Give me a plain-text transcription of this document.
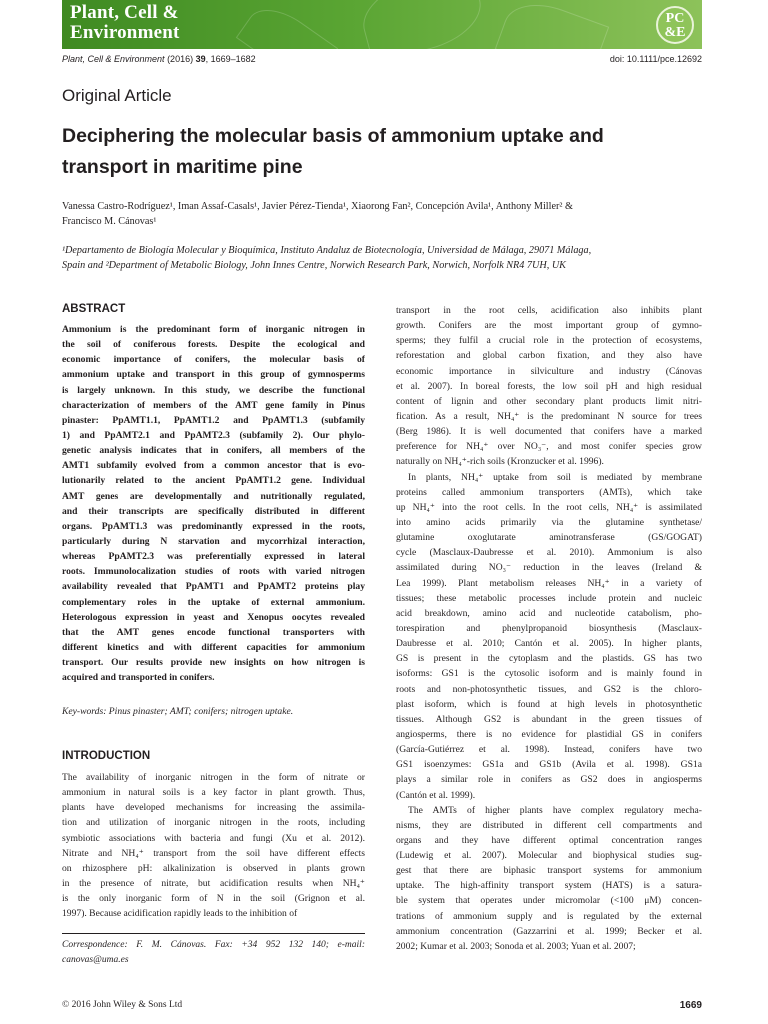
Plant, Cell &
Environment
PC
&E
Plant, Cell & Environment (2016) 39, 1669–1682	doi: 10.1111/pce.12692
Original Article
Deciphering the molecular basis of ammonium uptake and
transport in maritime pine
Vanessa Castro-Rodríguez¹, Iman Assaf-Casals¹, Javier Pérez-Tienda¹, Xiaorong Fan², Concepción Avila¹, Anthony Miller² &
Francisco M. Cánovas¹
¹Departamento de Biología Molecular y Bioquímica, Instituto Andaluz de Biotecnología, Universidad de Málaga, 29071 Málaga,
Spain and ²Department of Metabolic Biology, John Innes Centre, Norwich Research Park, Norwich, Norfolk NR4 7UH, UK
ABSTRACT
Ammonium is the predominant form of inorganic nitrogen in
the soil of coniferous forests. Despite the ecological and
economic importance of conifers, the molecular basis of
ammonium uptake and transport in this group of gymnosperms
is largely unknown. In this study, we describe the functional
characterization of members of the AMT gene family in Pinus
pinaster: PpAMT1.1, PpAMT1.2 and PpAMT1.3 (subfamily
1) and PpAMT2.1 and PpAMT2.3 (subfamily 2). Our phylo-
genetic analysis indicates that in conifers, all members of the
AMT1 subfamily evolved from a common ancestor that is evo-
lutionarily related to the ancient PpAMT1.2 gene. Individual
AMT genes are developmentally and nutritionally regulated,
and their transcripts are specifically distributed in different
organs. PpAMT1.3 was predominantly expressed in the roots,
particularly during N starvation and mycorrhizal interaction,
whereas PpAMT2.3 was preferentially expressed in lateral
roots. Immunolocalization studies of roots with varied nitrogen
availability revealed that PpAMT1 and PpAMT2 proteins play
complementary roles in the uptake of external ammonium.
Heterologous expression in yeast and Xenopus oocytes revealed
that the AMT genes encode functional transporters with
different kinetics and with different capacities for ammonium
transport. Our results provide new insights on how nitrogen is
acquired and transported in conifers.
Key-words: Pinus pinaster; AMT; conifers; nitrogen uptake.
INTRODUCTION
The availability of inorganic nitrogen in the form of nitrate or
ammonium in natural soils is a key factor in plant growth. Thus,
plants have developed mechanisms for increasing the assimila-
tion and utilization of inorganic nitrogen in the roots, including
symbiotic associations with bacteria and fungi (Xu et al. 2012).
Nitrate and NH₄⁺ transport from the soil have different effects
on rhizosphere pH: alkalinization is observed in plants grown
in the presence of nitrate, but acidification results when NH₄⁺
is the only inorganic form of N in the soil (Grignon et al.
1997). Because acidification rapidly leads to the inhibition of
Correspondence: F. M. Cánovas. Fax: +34 952 132 140; e-mail:
canovas@uma.es
transport in the root cells, acidification also inhibits plant
growth. Conifers are the most important group of gymno-
sperms; they fulfil a crucial role in the protection of ecosystems,
reforestation and global carbon fixation, and they also have
economic importance in silviculture and industry (Cánovas
et al. 2007). In boreal forests, the low soil pH and high residual
content of lignin and other secondary plant products limit nitri-
fication. As a result, NH₄⁺ is the predominant N source for trees
(Berg 1986). It is well documented that conifers have a marked
preference for NH₄⁺ over NO₃⁻, and most conifer species grow
naturally on NH₄⁺-rich soils (Kronzucker et al. 1996).
In plants, NH₄⁺ uptake from soil is mediated by membrane
proteins called ammonium transporters (AMTs), which take
up NH₄⁺ into the root cells. In the root cells, NH₄⁺ is assimilated
into amino acids primarily via the glutamine synthetase/
glutamine oxoglutarate aminotransferase (GS/GOGAT)
cycle (Masclaux-Daubresse et al. 2010). Ammonium is also
assimilated during NO₃⁻ reduction in the leaves (Ireland &
Lea 1999). Plant metabolism releases NH₄⁺ in a variety of
tissues; these metabolic processes include protein and nucleic
acid breakdown, amino acid and nucleotide catabolism, pho-
torespiration and phenylpropanoid biosynthesis (Masclaux-
Daubresse et al. 2010; Cantón et al. 2005). In higher plants,
GS is present in the cytoplasm and the plastids. GS has two
isoforms: GS1 is the cytosolic isoform and is mainly found in
roots and non-photosynthetic tissues, and GS2 is the chloro-
plast isoform, which is found at high levels in photosynthetic
tissues. Although GS2 is abundant in the green tissues of
angiosperms, there is no evidence for plastidial GS in conifers
(García-Gutiérrez et al. 1998). Instead, conifers have two
GS1 isoenzymes: GS1a and GS1b (Avila et al. 1998). GS1a
plays a similar role in conifers as GS2 does in angiosperms
(Cantón et al. 1999).
The AMTs of higher plants have complex regulatory mecha-
nisms, they are distributed in different cell compartments and
organs and they have different optimal concentration ranges
(Ludewig et al. 2007). Molecular and biophysical studies sug-
gest that there are biphasic transport systems for ammonium
uptake. The high-affinity transport system (HATS) is a satura-
ble system that operates under micromolar (<100 μM) concen-
trations of ammonium supply and is regulated by the external
ammonium concentration (Gazzarrini et al. 1999; Becker et al.
2002; Kumar et al. 2003; Sonoda et al. 2003; Yuan et al. 2007;
© 2016 John Wiley & Sons Ltd	1669
